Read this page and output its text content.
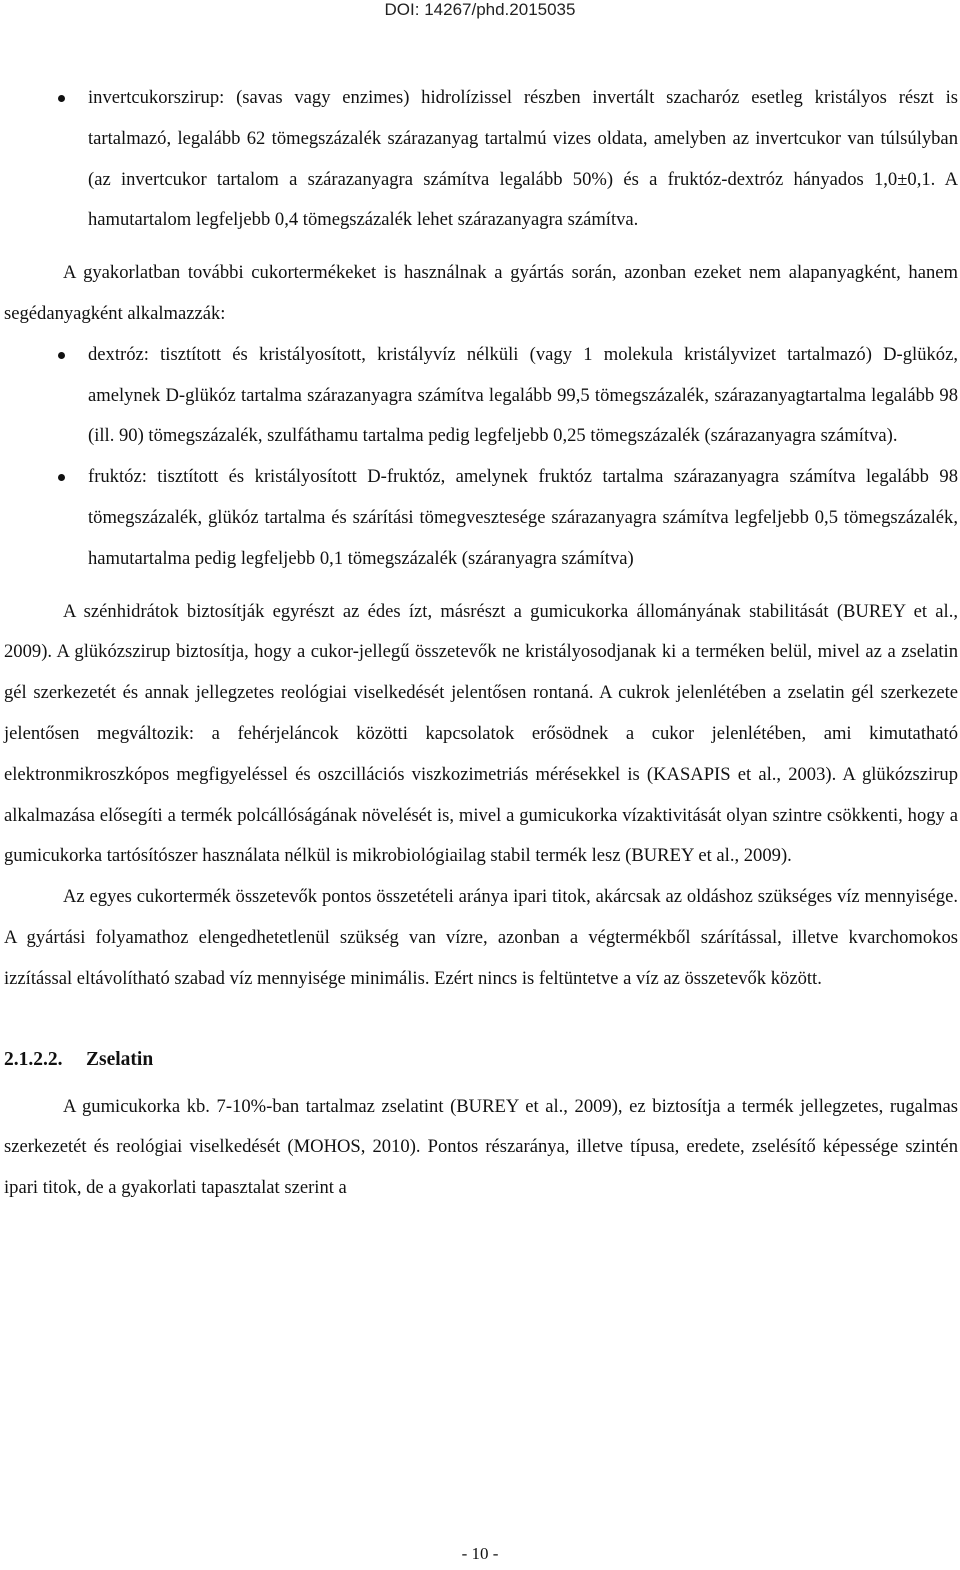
DOI: 14267/phd.2015035
invertcukorszirup: (savas vagy enzimes) hidrolízissel részben invertált szacharóz esetleg kristályos részt is tartalmazó, legalább 62 tömegszázalék szárazanyag tartalmú vizes oldata, amelyben az invertcukor van túlsúlyban (az invertcukor tartalom a szárazanyagra számítva legalább 50%) és a fruktóz-dextróz hányados 1,0±0,1. A hamutartalom legfeljebb 0,4 tömegszázalék lehet szárazanyagra számítva.

A gyakorlatban további cukortermékeket is használnak a gyártás során, azonban ezeket nem alapanyagként, hanem segédanyagként alkalmazzák:

dextróz: tisztított és kristályosított, kristályvíz nélküli (vagy 1 molekula kristályvizet tartalmazó) D-glükóz, amelynek D-glükóz tartalma szárazanyagra számítva legalább 99,5 tömegszázalék, szárazanyagtartalma legalább 98 (ill. 90) tömegszázalék, szulfáthamu tartalma pedig legfeljebb 0,25 tömegszázalék (szárazanyagra számítva).
fruktóz: tisztított és kristályosított D-fruktóz, amelynek fruktóz tartalma szárazanyagra számítva legalább 98 tömegszázalék, glükóz tartalma és szárítási tömegvesztesége szárazanyagra számítva legfeljebb 0,5 tömegszázalék, hamutartalma pedig legfeljebb 0,1 tömegszázalék (száranyagra számítva)

A szénhidrátok biztosítják egyrészt az édes ízt, másrészt a gumicukorka állományának stabilitását (BUREY et al., 2009). A glükózszirup biztosítja, hogy a cukor-jellegű összetevők ne kristályosodjanak ki a terméken belül, mivel az a zselatin gél szerkezetét és annak jellegzetes reológiai viselkedését jelentősen rontaná. A cukrok jelenlétében a zselatin gél szerkezete jelentősen megváltozik: a fehérjeláncok közötti kapcsolatok erősödnek a cukor jelenlétében, ami kimutatható elektronmikroszkópos megfigyeléssel és oszcillációs viszkozimetriás mérésekkel is (KASAPIS et al., 2003). A glükózszirup alkalmazása elősegíti a termék polcállóságának növelését is, mivel a gumicukorka vízaktivitását olyan szintre csökkenti, hogy a gumicukorka tartósítószer használata nélkül is mikrobiológiailag stabil termék lesz (BUREY et al., 2009).

Az egyes cukortermék összetevők pontos összetételi aránya ipari titok, akárcsak az oldáshoz szükséges víz mennyisége. A gyártási folyamathoz elengedhetetlenül szükség van vízre, azonban a végtermékből szárítással, illetve kvarchomokos izzítással eltávolítható szabad víz mennyisége minimális. Ezért nincs is feltüntetve a víz az összetevők között.

2.1.2.2. Zselatin

A gumicukorka kb. 7-10%-ban tartalmaz zselatint (BUREY et al., 2009), ez biztosítja a termék jellegzetes, rugalmas szerkezetét és reológiai viselkedését (MOHOS, 2010). Pontos részaránya, illetve típusa, eredete, zselésítő képessége szintén ipari titok, de a gyakorlati tapasztalat szerint a

- 10 -
